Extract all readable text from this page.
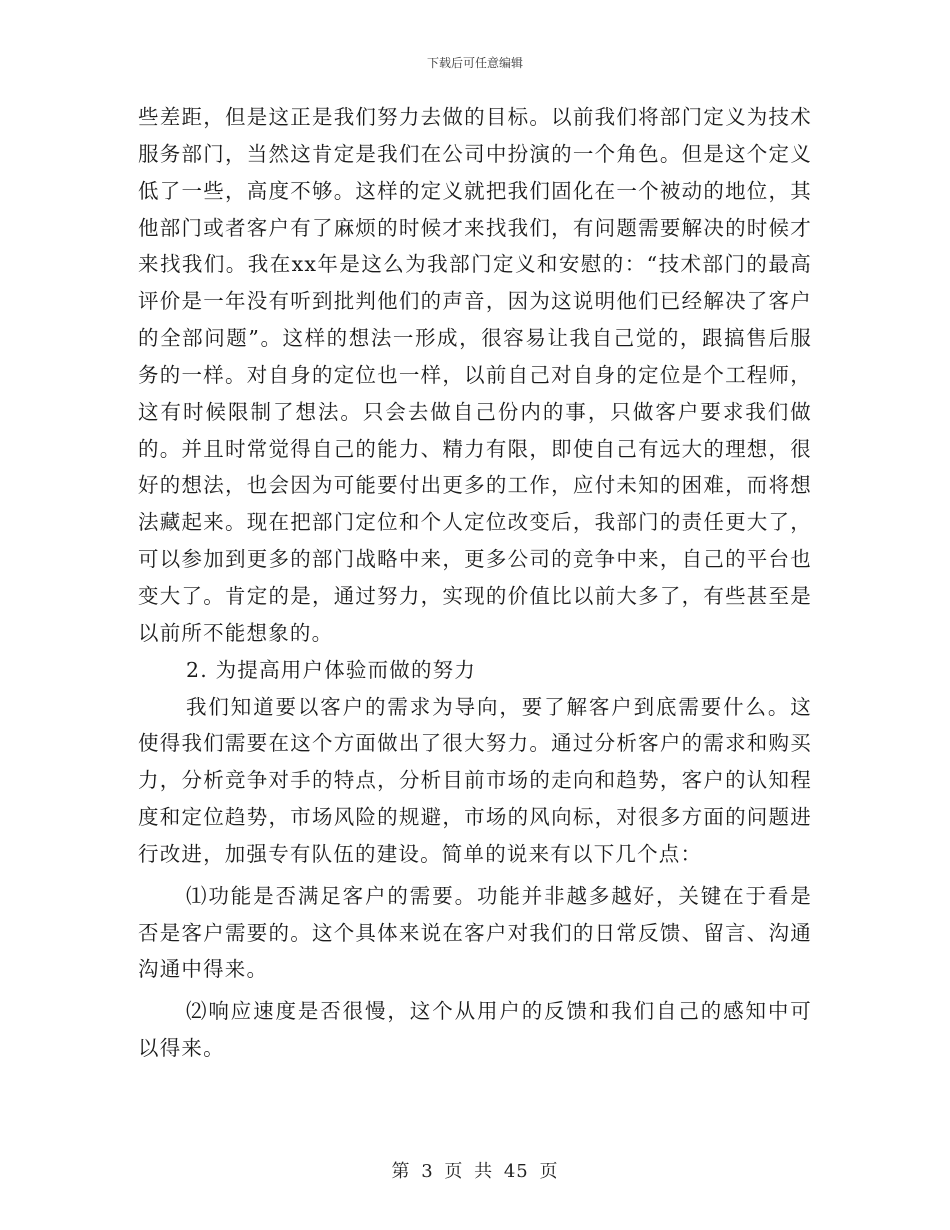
下载后可任意编辑

些差距，但是这正是我们努力去做的目标。以前我们将部门定义为技术服务部门，当然这肯定是我们在公司中扮演的一个角色。但是这个定义低了一些，高度不够。这样的定义就把我们固化在一个被动的地位，其他部门或者客户有了麻烦的时候才来找我们，有问题需要解决的时候才来找我们。我在xx年是这么为我部门定义和安慰的：“技术部门的最高评价是一年没有听到批判他们的声音，因为这说明他们已经解决了客户的全部问题”。这样的想法一形成，很容易让我自己觉的，跟搞售后服务的一样。对自身的定位也一样，以前自己对自身的定位是个工程师，这有时候限制了想法。只会去做自己份内的事，只做客户要求我们做的。并且时常觉得自己的能力、精力有限，即使自己有远大的理想，很好的想法，也会因为可能要付出更多的工作，应付未知的困难，而将想法藏起来。现在把部门定位和个人定位改变后，我部门的责任更大了，可以参加到更多的部门战略中来，更多公司的竞争中来，自己的平台也变大了。肯定的是，通过努力，实现的价值比以前大多了，有些甚至是以前所不能想象的。

2. 为提高用户体验而做的努力

我们知道要以客户的需求为导向，要了解客户到底需要什么。这使得我们需要在这个方面做出了很大努力。通过分析客户的需求和购买力，分析竞争对手的特点，分析目前市场的走向和趋势，客户的认知程度和定位趋势，市场风险的规避，市场的风向标，对很多方面的问题进行改进，加强专有队伍的建设。简单的说来有以下几个点：

⑴功能是否满足客户的需要。功能并非越多越好，关键在于看是否是客户需要的。这个具体来说在客户对我们的日常反馈、留言、沟通沟通中得来。

⑵响应速度是否很慢，这个从用户的反馈和我们自己的感知中可以得来。

第 3 页 共 45 页
